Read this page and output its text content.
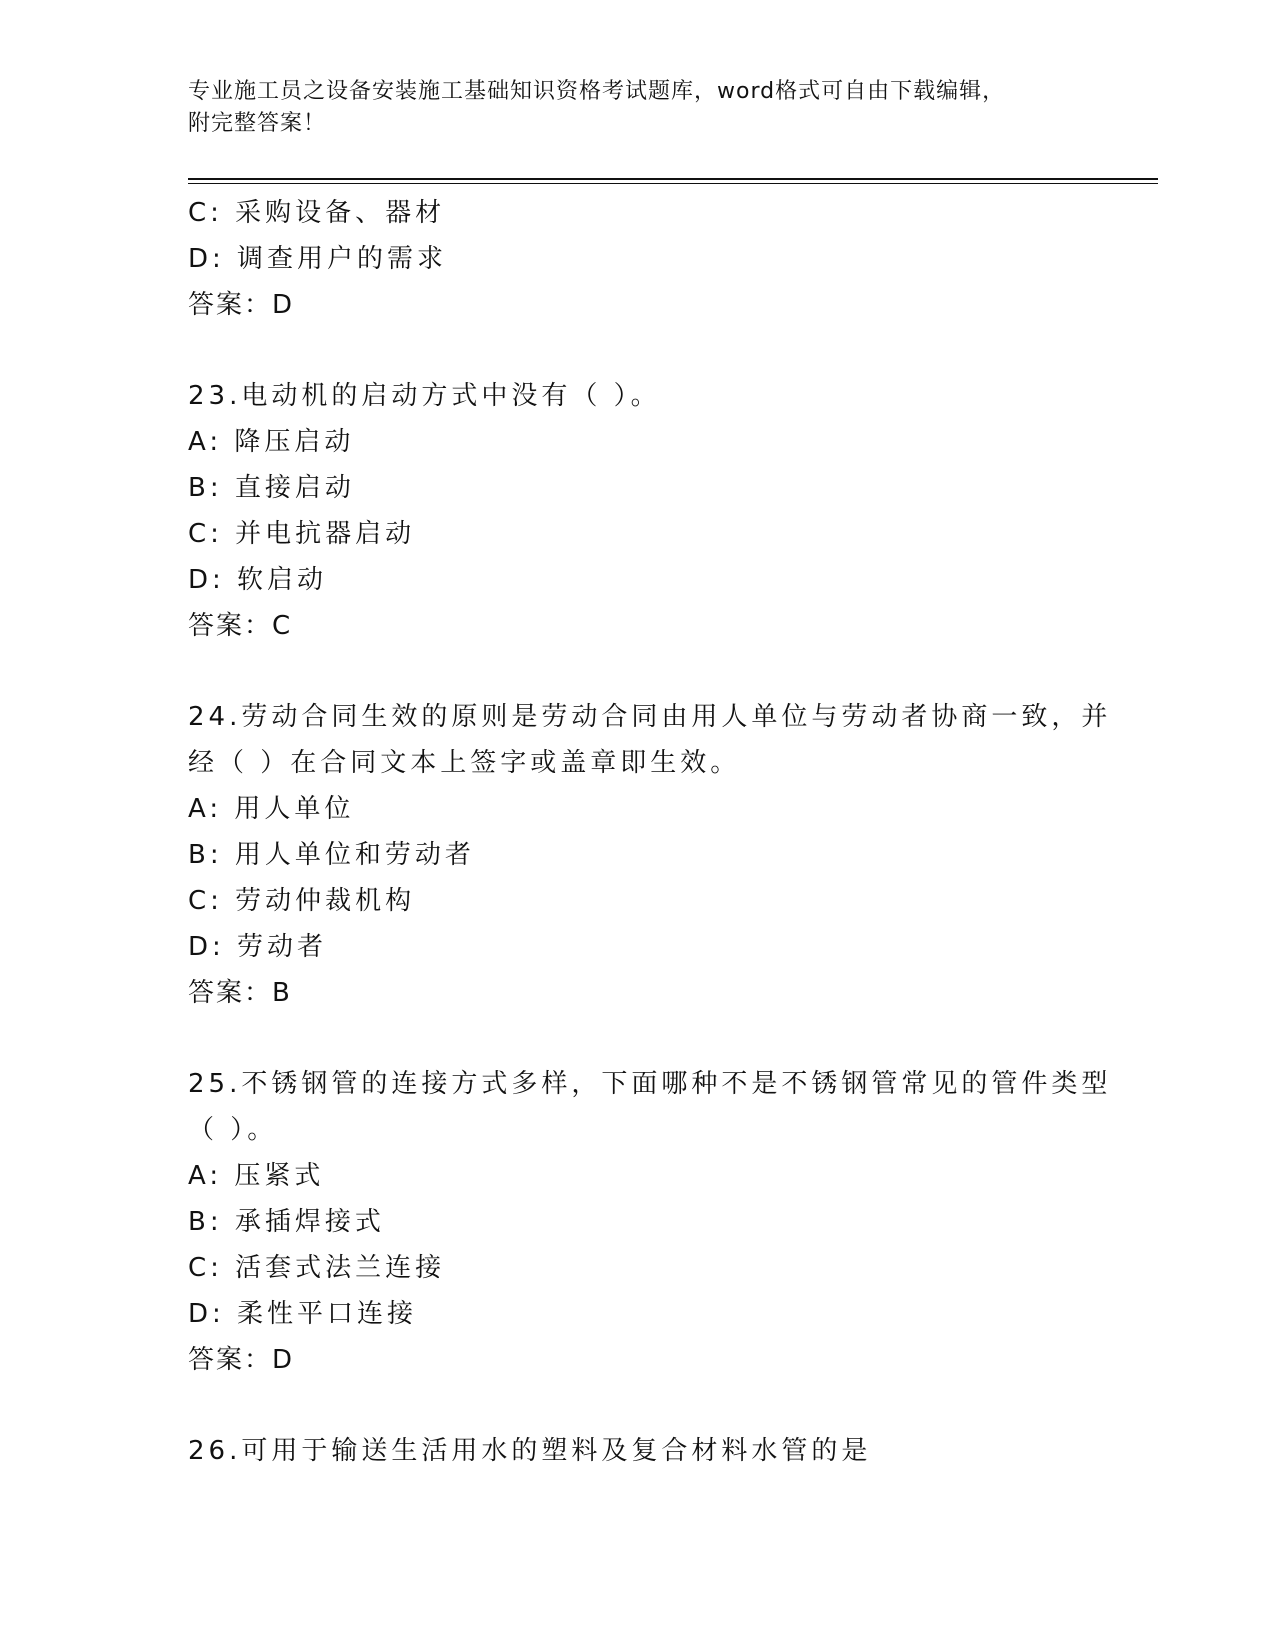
专业施工员之设备安装施工基础知识资格考试题库，word格式可自由下载编辑，
附完整答案！
C: 采购设备、器材
D: 调查用户的需求
答案：D
23.电动机的启动方式中没有（ ）。
A: 降压启动
B: 直接启动
C: 并电抗器启动
D: 软启动
答案：C
24.劳动合同生效的原则是劳动合同由用人单位与劳动者协商一致，并
经（ ）在合同文本上签字或盖章即生效。
A: 用人单位
B: 用人单位和劳动者
C: 劳动仲裁机构
D: 劳动者
答案：B
25.不锈钢管的连接方式多样，下面哪种不是不锈钢管常见的管件类型
（ ）。
A: 压紧式
B: 承插焊接式
C: 活套式法兰连接
D: 柔性平口连接
答案：D
26.可用于输送生活用水的塑料及复合材料水管的是
